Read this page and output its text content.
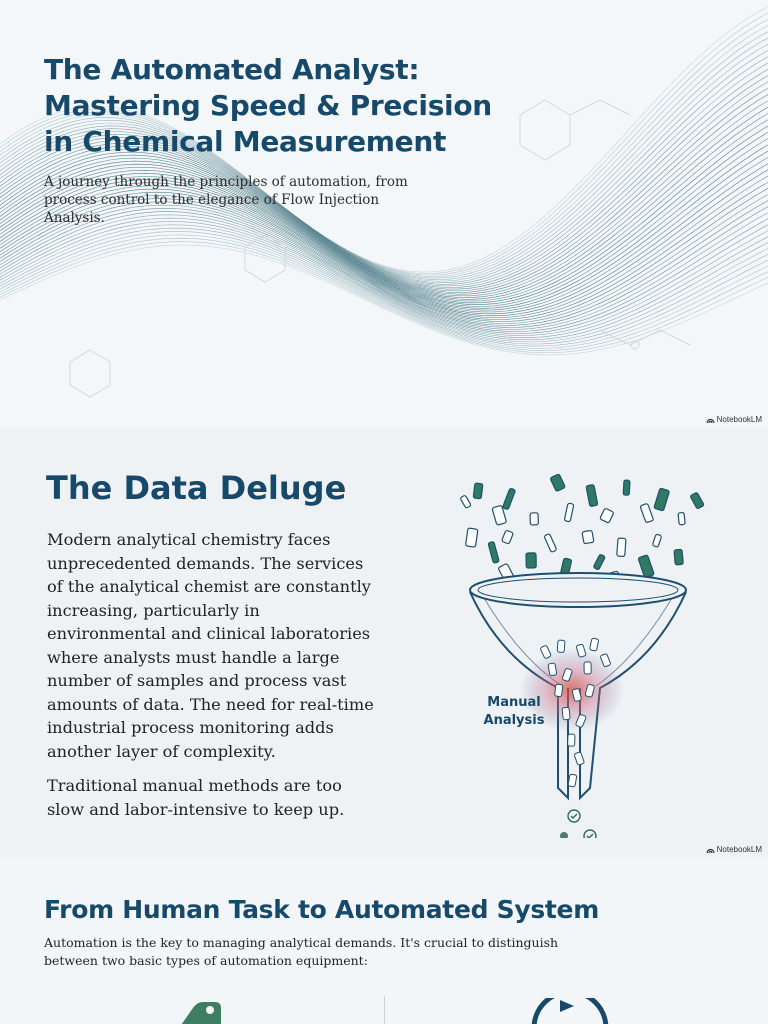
The Automated Analyst:
Mastering Speed & Precision
in Chemical Measurement

A journey through the principles of automation, from
process control to the elegance of Flow Injection Analysis.

NotebookLM
The Data Deluge

Modern analytical chemistry faces unprecedented demands. The services of the analytical chemist are constantly increasing, particularly in environmental and clinical laboratories where analysts must handle a large number of samples and process vast amounts of data. The need for real-time industrial process monitoring adds another layer of complexity.

Traditional manual methods are too slow and labor-intensive to keep up.

Manual
Analysis
NotebookLM
From Human Task to Automated System

Automation is the key to managing analytical demands. It's crucial to distinguish between two basic types of automation equipment:
